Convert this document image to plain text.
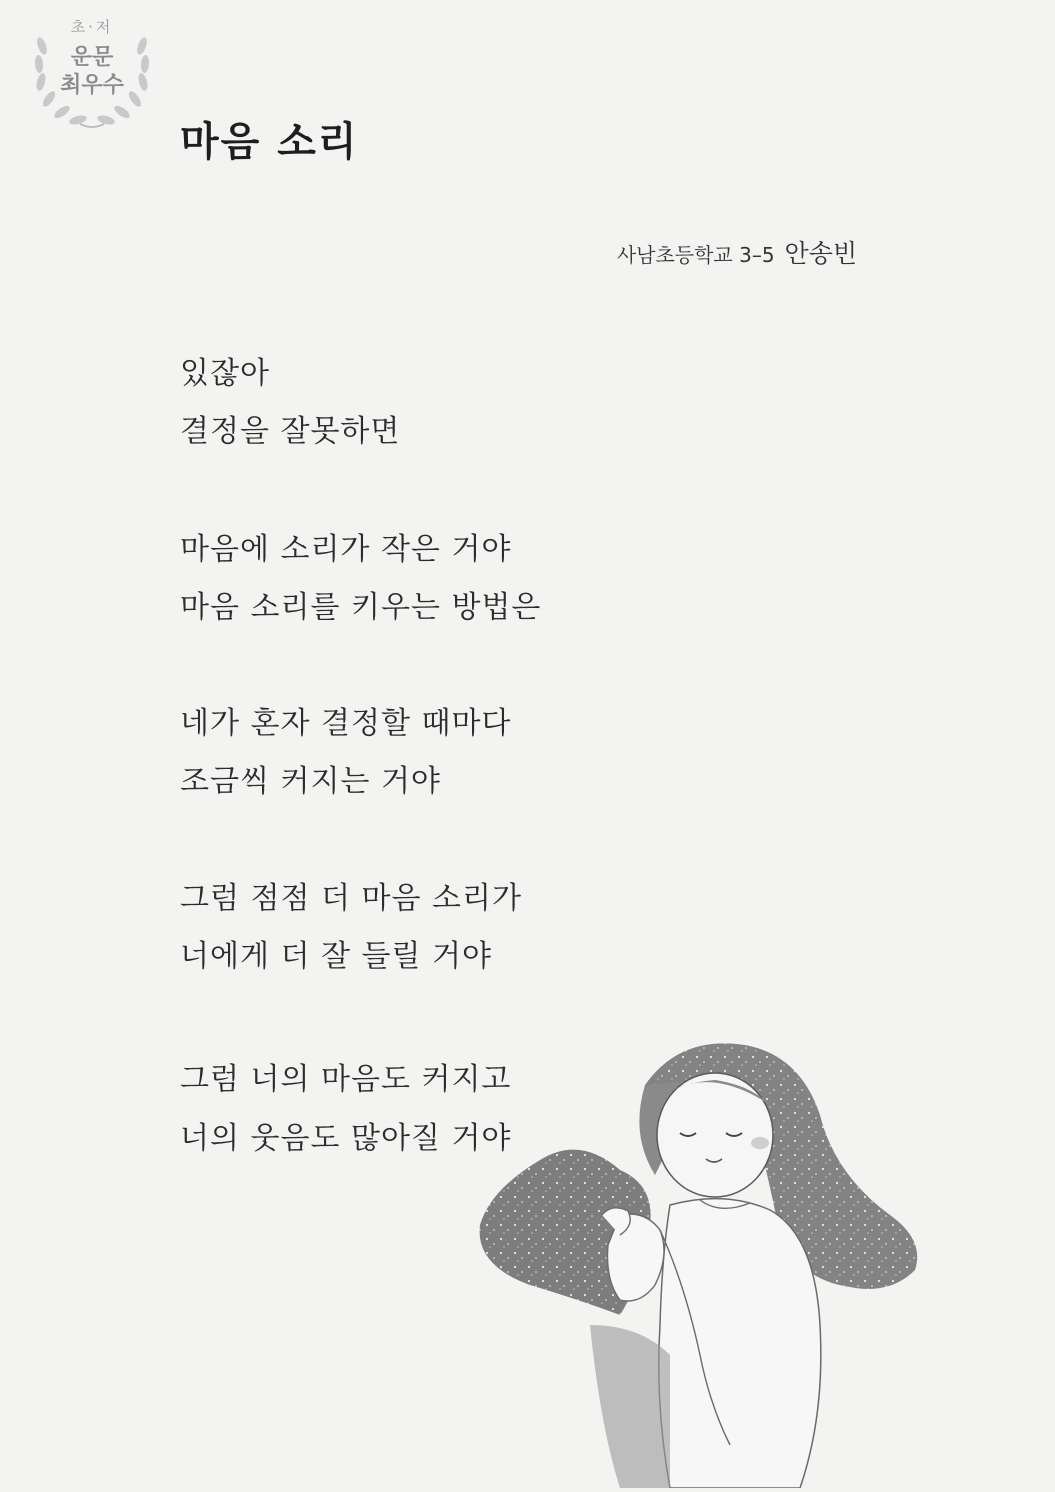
초·저
운문
최우수
마음 소리
사남초등학교 3–5 안송빈
있잖아
결정을 잘못하면
마음에 소리가 작은 거야
마음 소리를 키우는 방법은
네가 혼자 결정할 때마다
조금씩 커지는 거야
그럼 점점 더 마음 소리가
너에게 더 잘 들릴 거야
그럼 너의 마음도 커지고
너의 웃음도 많아질 거야
